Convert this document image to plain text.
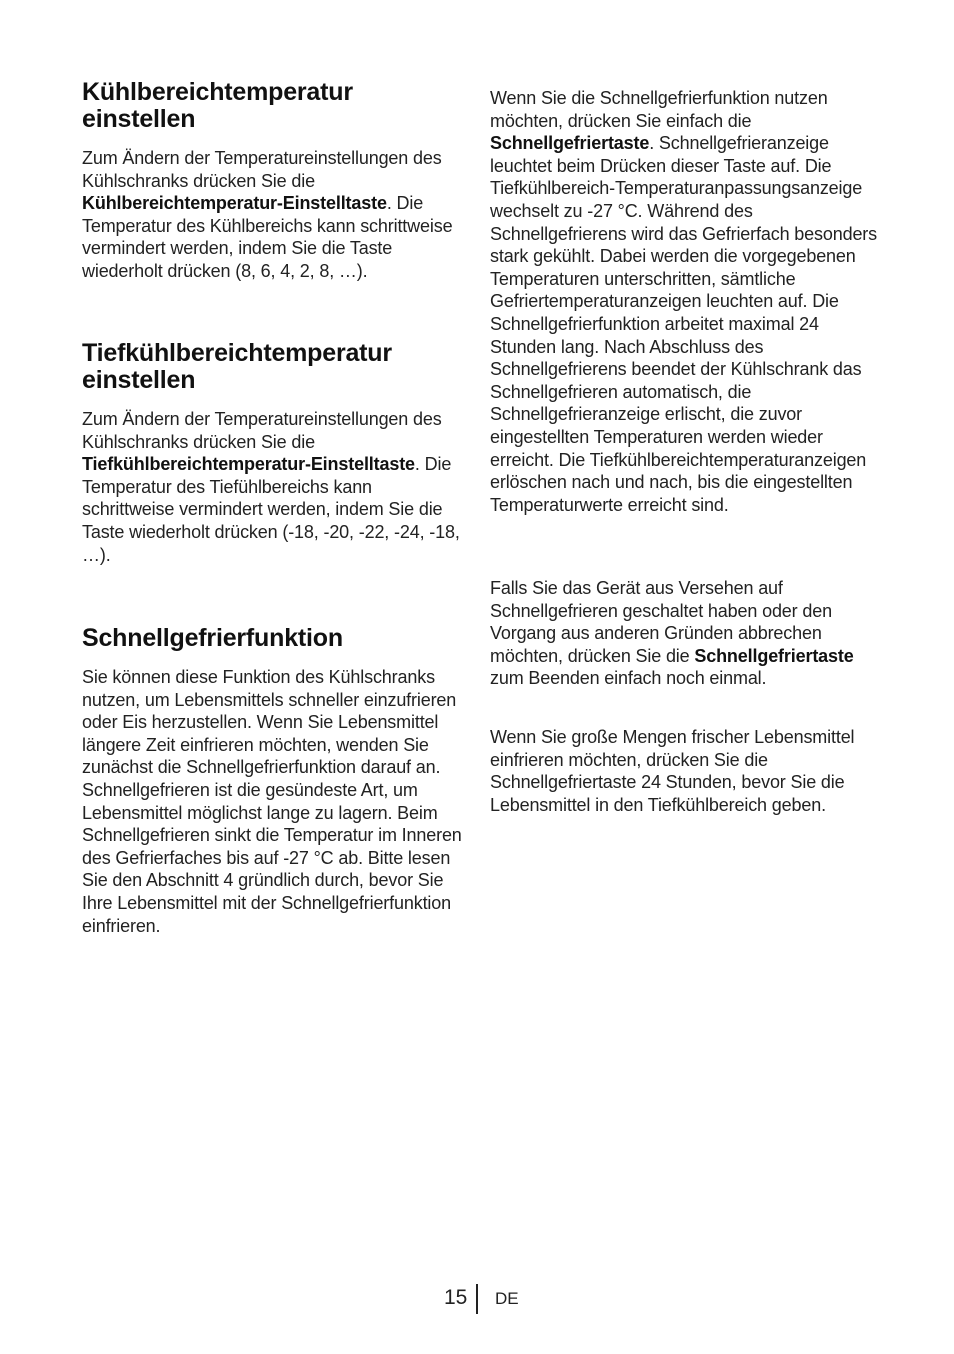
Kühlbereichtemperatur einstellen

Zum Ändern der Temperatureinstellungen des Kühlschranks drücken Sie die Kühlbereichtemperatur-Einstelltaste. Die Temperatur des Kühlbereichs kann schrittweise vermindert werden, indem Sie die Taste wiederholt drücken (8, 6, 4, 2, 8, …).

Tiefkühlbereichtemperatur einstellen

Zum Ändern der Temperatureinstellungen des Kühlschranks drücken Sie die Tiefkühlbereichtemperatur-Einstelltaste. Die Temperatur des Tiefühlbereichs kann schrittweise vermindert werden, indem Sie die Taste wiederholt drücken (-18, -20, -22, -24, -18, …).

Schnellgefrierfunktion

Sie können diese Funktion des Kühlschranks nutzen, um Lebensmittels schneller einzufrieren oder Eis herzustellen. Wenn Sie Lebensmittel längere Zeit einfrieren möchten, wenden Sie zunächst die Schnellgefrierfunktion darauf an. Schnellgefrieren ist die gesündeste Art, um Lebensmittel möglichst lange zu lagern. Beim Schnellgefrieren sinkt die Temperatur im Inneren des Gefrierfaches bis auf -27 °C ab. Bitte lesen Sie den Abschnitt 4 gründlich durch, bevor Sie Ihre Lebensmittel mit der Schnellgefrierfunktion einfrieren.

Wenn Sie die Schnellgefrierfunktion nutzen möchten, drücken Sie einfach die Schnellgefriertaste. Schnellgefrieranzeige leuchtet beim Drücken dieser Taste auf. Die Tiefkühlbereich-Temperaturanpassungsanzeige wechselt zu -27 °C. Während des Schnellgefrierens wird das Gefrierfach besonders stark gekühlt. Dabei werden die vorgegebenen Temperaturen unterschritten, sämtliche Gefriertemperaturanzeigen leuchten auf. Die Schnellgefrierfunktion arbeitet maximal 24 Stunden lang. Nach Abschluss des Schnellgefrierens beendet der Kühlschrank das Schnellgefrieren automatisch, die Schnellgefrieranzeige erlischt, die zuvor eingestellten Temperaturen werden wieder erreicht. Die Tiefkühlbereichtemperaturanzeigen erlöschen nach und nach, bis die eingestellten Temperaturwerte erreicht sind.

Falls Sie das Gerät aus Versehen auf Schnellgefrieren geschaltet haben oder den Vorgang aus anderen Gründen abbrechen möchten, drücken Sie die Schnellgefriertaste zum Beenden einfach noch einmal.

Wenn Sie große Mengen frischer Lebensmittel einfrieren möchten, drücken Sie die Schnellgefriertaste 24 Stunden, bevor Sie die Lebensmittel in den Tiefkühlbereich geben.

15 DE
